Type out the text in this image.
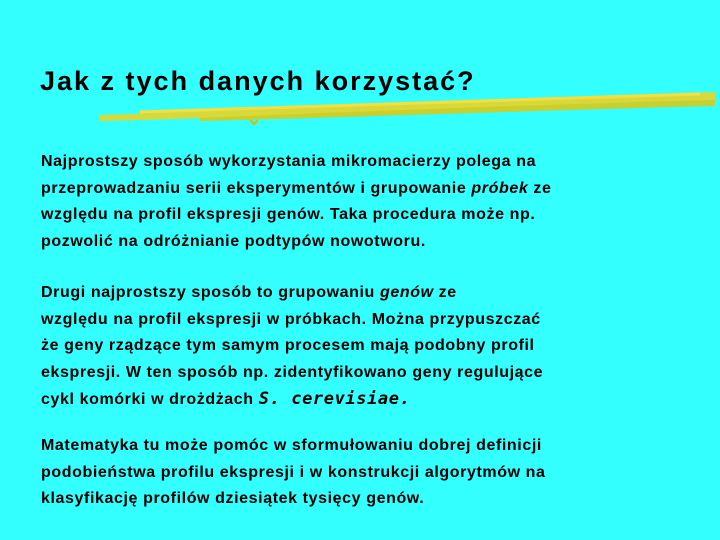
Jak z tych danych korzystać?
Najprostszy sposób wykorzystania mikromacierzy polega na
przeprowadzaniu serii eksperymentów i grupowanie próbek ze
względu na profil ekspresji genów. Taka procedura może np.
pozwolić na odróżnianie podtypów nowotworu.
Drugi najprostszy sposób to grupowaniu genów ze
względu na profil ekspresji w próbkach. Można przypuszczać
że geny rządzące tym samym procesem mają podobny profil
ekspresji. W ten sposób np. zidentyfikowano geny regulujące
cykl komórki w drożdżach S. cerevisiae.
Matematyka tu może pomóc w sformułowaniu dobrej definicji
podobieństwa profilu ekspresji i w konstrukcji algorytmów na
klasyfikację profilów dziesiątek tysięcy genów.
